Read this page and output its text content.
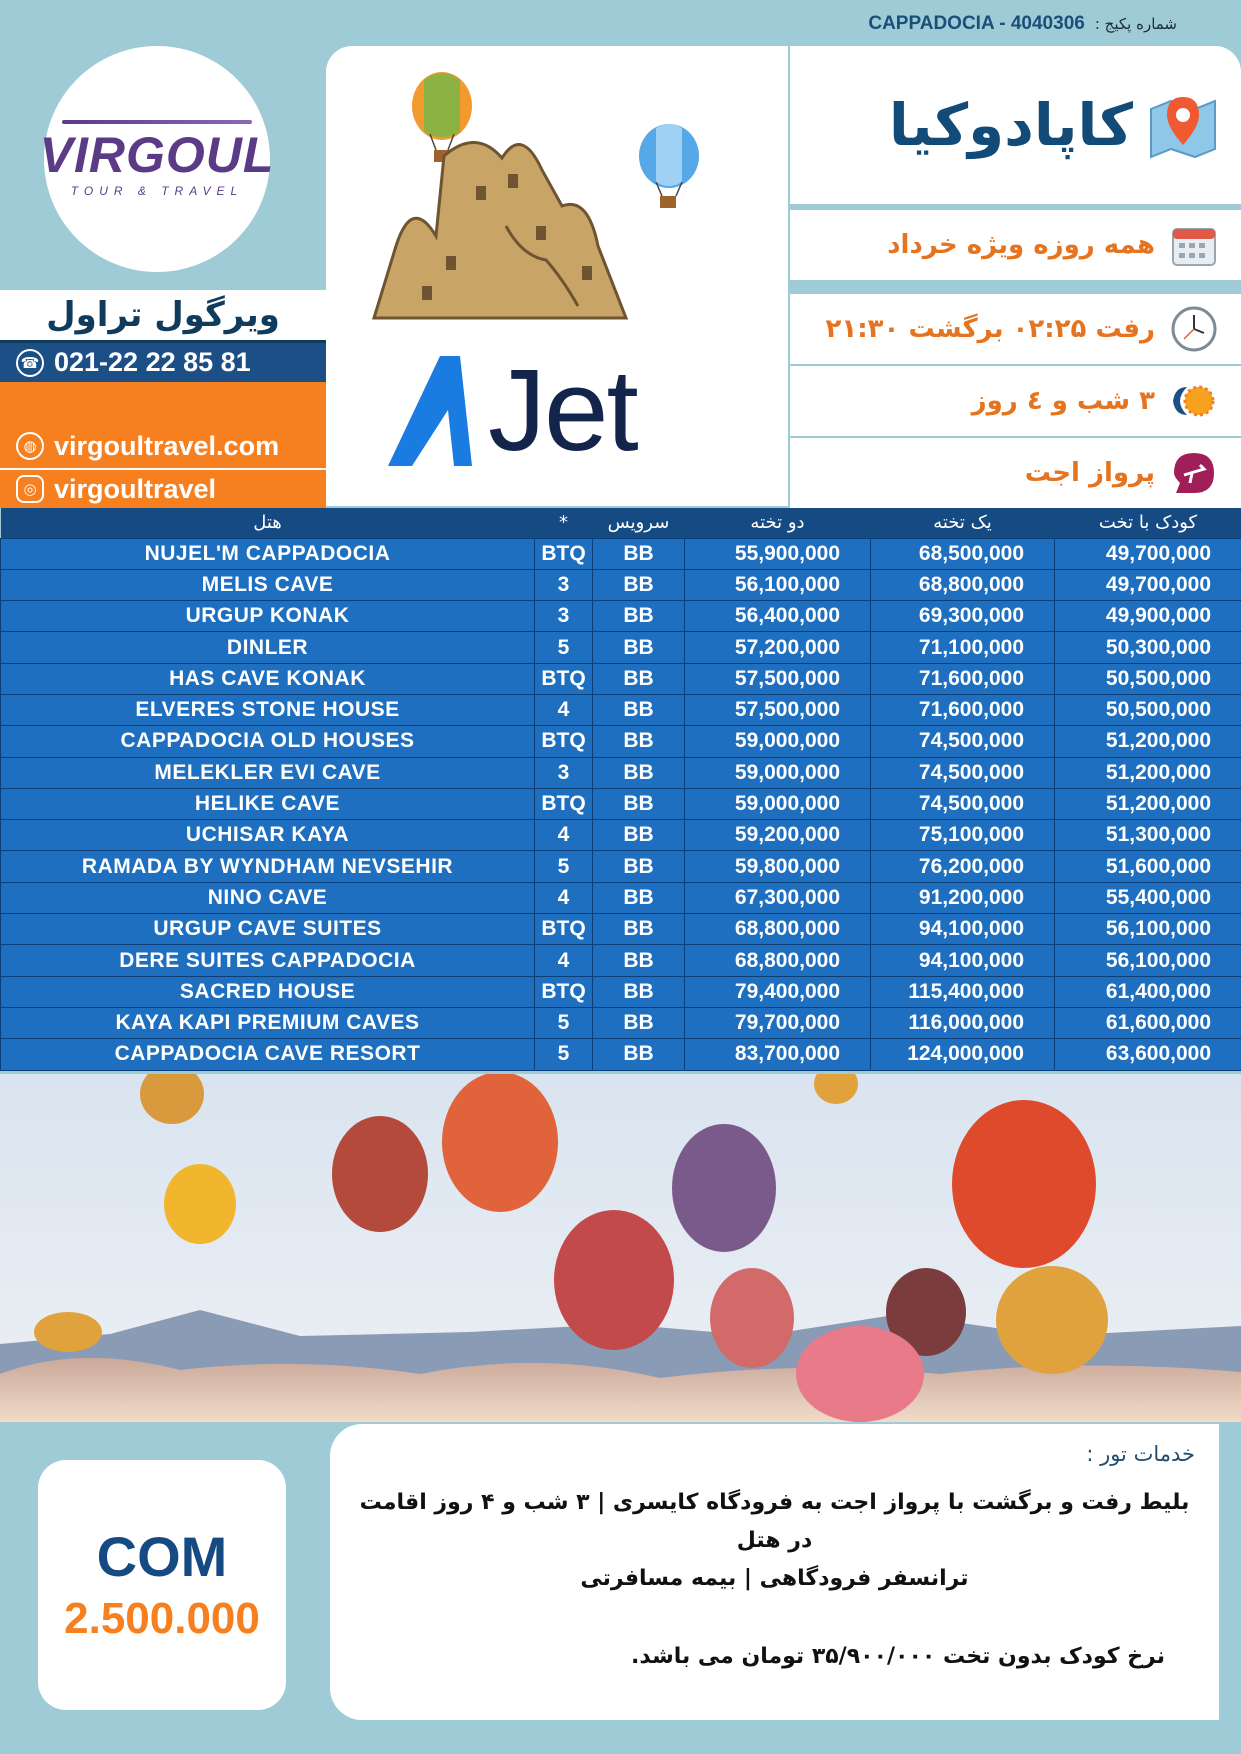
شماره پکیج :
CAPPADOCIA - 4040306
VIRGOUL
TOUR & TRAVEL
ویرگول تراول
☎ 021-22 22 85 81
◍ virgoultravel.com
◎ virgoultravel
Jet
کاپادوکیا
همه روزه ویژه خرداد
رفت ۰۲:۲۵ برگشت ۲۱:۳۰
۳ شب و ٤ روز
پرواز اجت
هتل	*	سرویس	دو تخته	یک تخته	کودک با تخت
NUJEL'M CAPPADOCIA	BTQ	BB	55,900,000	68,500,000	49,700,000
MELIS CAVE	3	BB	56,100,000	68,800,000	49,700,000
URGUP KONAK	3	BB	56,400,000	69,300,000	49,900,000
DINLER	5	BB	57,200,000	71,100,000	50,300,000
HAS CAVE KONAK	BTQ	BB	57,500,000	71,600,000	50,500,000
ELVERES STONE HOUSE	4	BB	57,500,000	71,600,000	50,500,000
CAPPADOCIA OLD HOUSES	BTQ	BB	59,000,000	74,500,000	51,200,000
MELEKLER EVI CAVE	3	BB	59,000,000	74,500,000	51,200,000
HELIKE CAVE	BTQ	BB	59,000,000	74,500,000	51,200,000
UCHISAR KAYA	4	BB	59,200,000	75,100,000	51,300,000
RAMADA BY WYNDHAM NEVSEHIR	5	BB	59,800,000	76,200,000	51,600,000
NINO CAVE	4	BB	67,300,000	91,200,000	55,400,000
URGUP CAVE SUITES	BTQ	BB	68,800,000	94,100,000	56,100,000
DERE SUITES CAPPADOCIA	4	BB	68,800,000	94,100,000	56,100,000
SACRED HOUSE	BTQ	BB	79,400,000	115,400,000	61,400,000
KAYA KAPI PREMIUM CAVES	5	BB	79,700,000	116,000,000	61,600,000
CAPPADOCIA CAVE RESORT	5	BB	83,700,000	124,000,000	63,600,000
COM
2.500.000
خدمات تور :
بلیط رفت و برگشت با پرواز اجت به فرودگاه کایسری | ۳ شب و ۴ روز اقامت در هتل
ترانسفر فرودگاهی | بیمه مسافرتی
نرخ کودک بدون تخت ۳۵/۹۰۰/۰۰۰ تومان می باشد.
